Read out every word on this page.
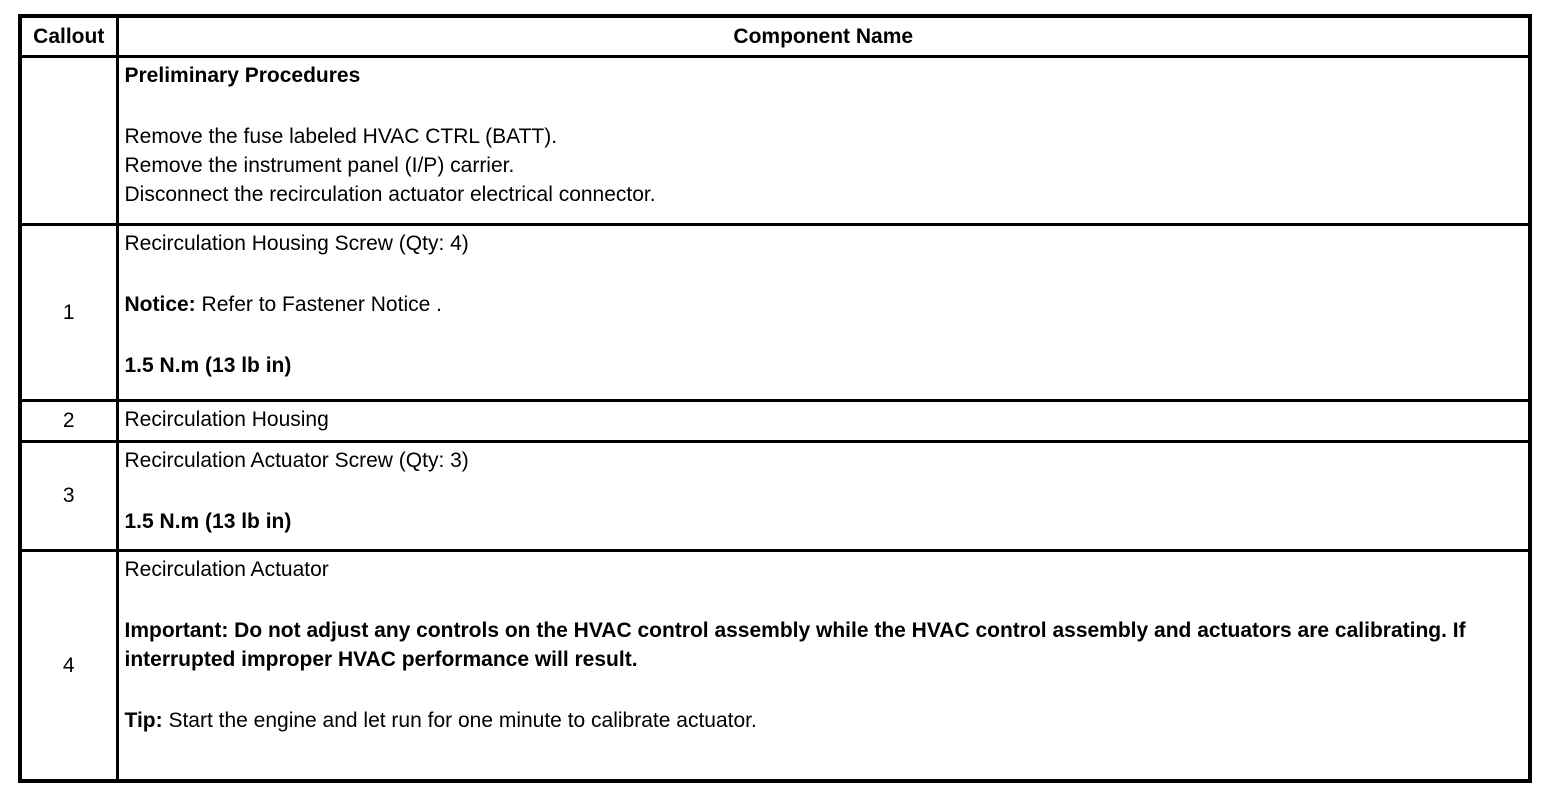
Callout	Component Name

	Preliminary Procedures

Remove the fuse labeled HVAC CTRL (BATT).

Remove the instrument panel (I/P) carrier.

Disconnect the recirculation actuator electrical connector.

1	Recirculation Housing Screw (Qty: 4)

Notice: Refer to Fastener Notice .

1.5 N.m (13 lb in)

2	Recirculation Housing

3	Recirculation Actuator Screw (Qty: 3)

1.5 N.m (13 lb in)

4	Recirculation Actuator

Important: Do not adjust any controls on the HVAC control assembly while the HVAC control assembly and actuators are calibrating. If interrupted improper HVAC performance will result.

Tip: Start the engine and let run for one minute to calibrate actuator.
